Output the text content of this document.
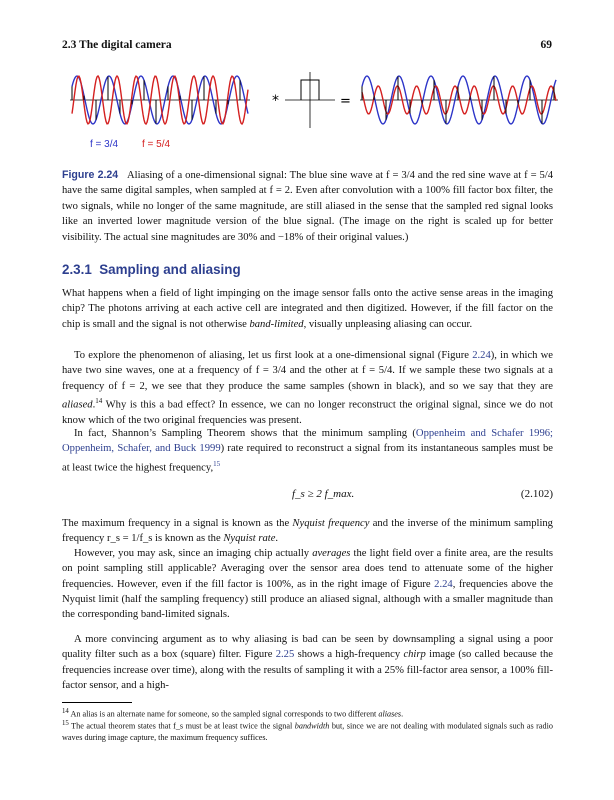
2.3 The digital camera	69
*	=
f = 3/4 f = 5/4
Figure 2.24 Aliasing of a one-dimensional signal: The blue sine wave at f = 3/4 and the red sine wave at f = 5/4 have the same digital samples, when sampled at f = 2. Even after convolution with a 100% fill factor box filter, the two signals, while no longer of the same magnitude, are still aliased in the sense that the sampled red signal looks like an inverted lower magnitude version of the blue signal. (The image on the right is scaled up for better visibility. The actual sine magnitudes are 30% and −18% of their original values.)
2.3.1 Sampling and aliasing

What happens when a field of light impinging on the image sensor falls onto the active sense areas in the imaging chip? The photons arriving at each active cell are integrated and then digitized. However, if the fill factor on the chip is small and the signal is not otherwise band-limited, visually unpleasing aliasing can occur.

To explore the phenomenon of aliasing, let us first look at a one-dimensional signal (Figure 2.24), in which we have two sine waves, one at a frequency of f = 3/4 and the other at f = 5/4. If we sample these two signals at a frequency of f = 2, we see that they produce the same samples (shown in black), and so we say that they are aliased.$^{14}$ Why is this a bad effect? In essence, we can no longer reconstruct the original signal, since we do not know which of the two original frequencies was present.

In fact, Shannon’s Sampling Theorem shows that the minimum sampling (Oppenheim and Schafer 1996; Oppenheim, Schafer, and Buck 1999) rate required to reconstruct a signal from its instantaneous samples must be at least twice the highest frequency,$^{15}$

f_s ≥ 2 f_max.	(2.102)

The maximum frequency in a signal is known as the Nyquist frequency and the inverse of the minimum sampling frequency r_s = 1/f_s is known as the Nyquist rate.

However, you may ask, since an imaging chip actually averages the light field over a finite area, are the results on point sampling still applicable? Averaging over the sensor area does tend to attenuate some of the higher frequencies. However, even if the fill factor is 100%, as in the right image of Figure 2.24, frequencies above the Nyquist limit (half the sampling frequency) still produce an aliased signal, although with a smaller magnitude than the corresponding band-limited signals.

A more convincing argument as to why aliasing is bad can be seen by downsampling a signal using a poor quality filter such as a box (square) filter. Figure 2.25 shows a high-frequency chirp image (so called because the frequencies increase over time), along with the results of sampling it with a 25% fill-factor area sensor, a 100% fill-factor sensor, and a high-

$^{14}$ An alias is an alternate name for someone, so the sampled signal corresponds to two different aliases.
$^{15}$ The actual theorem states that f_s must be at least twice the signal bandwidth but, since we are not dealing with modulated signals such as radio waves during image capture, the maximum frequency suffices.
